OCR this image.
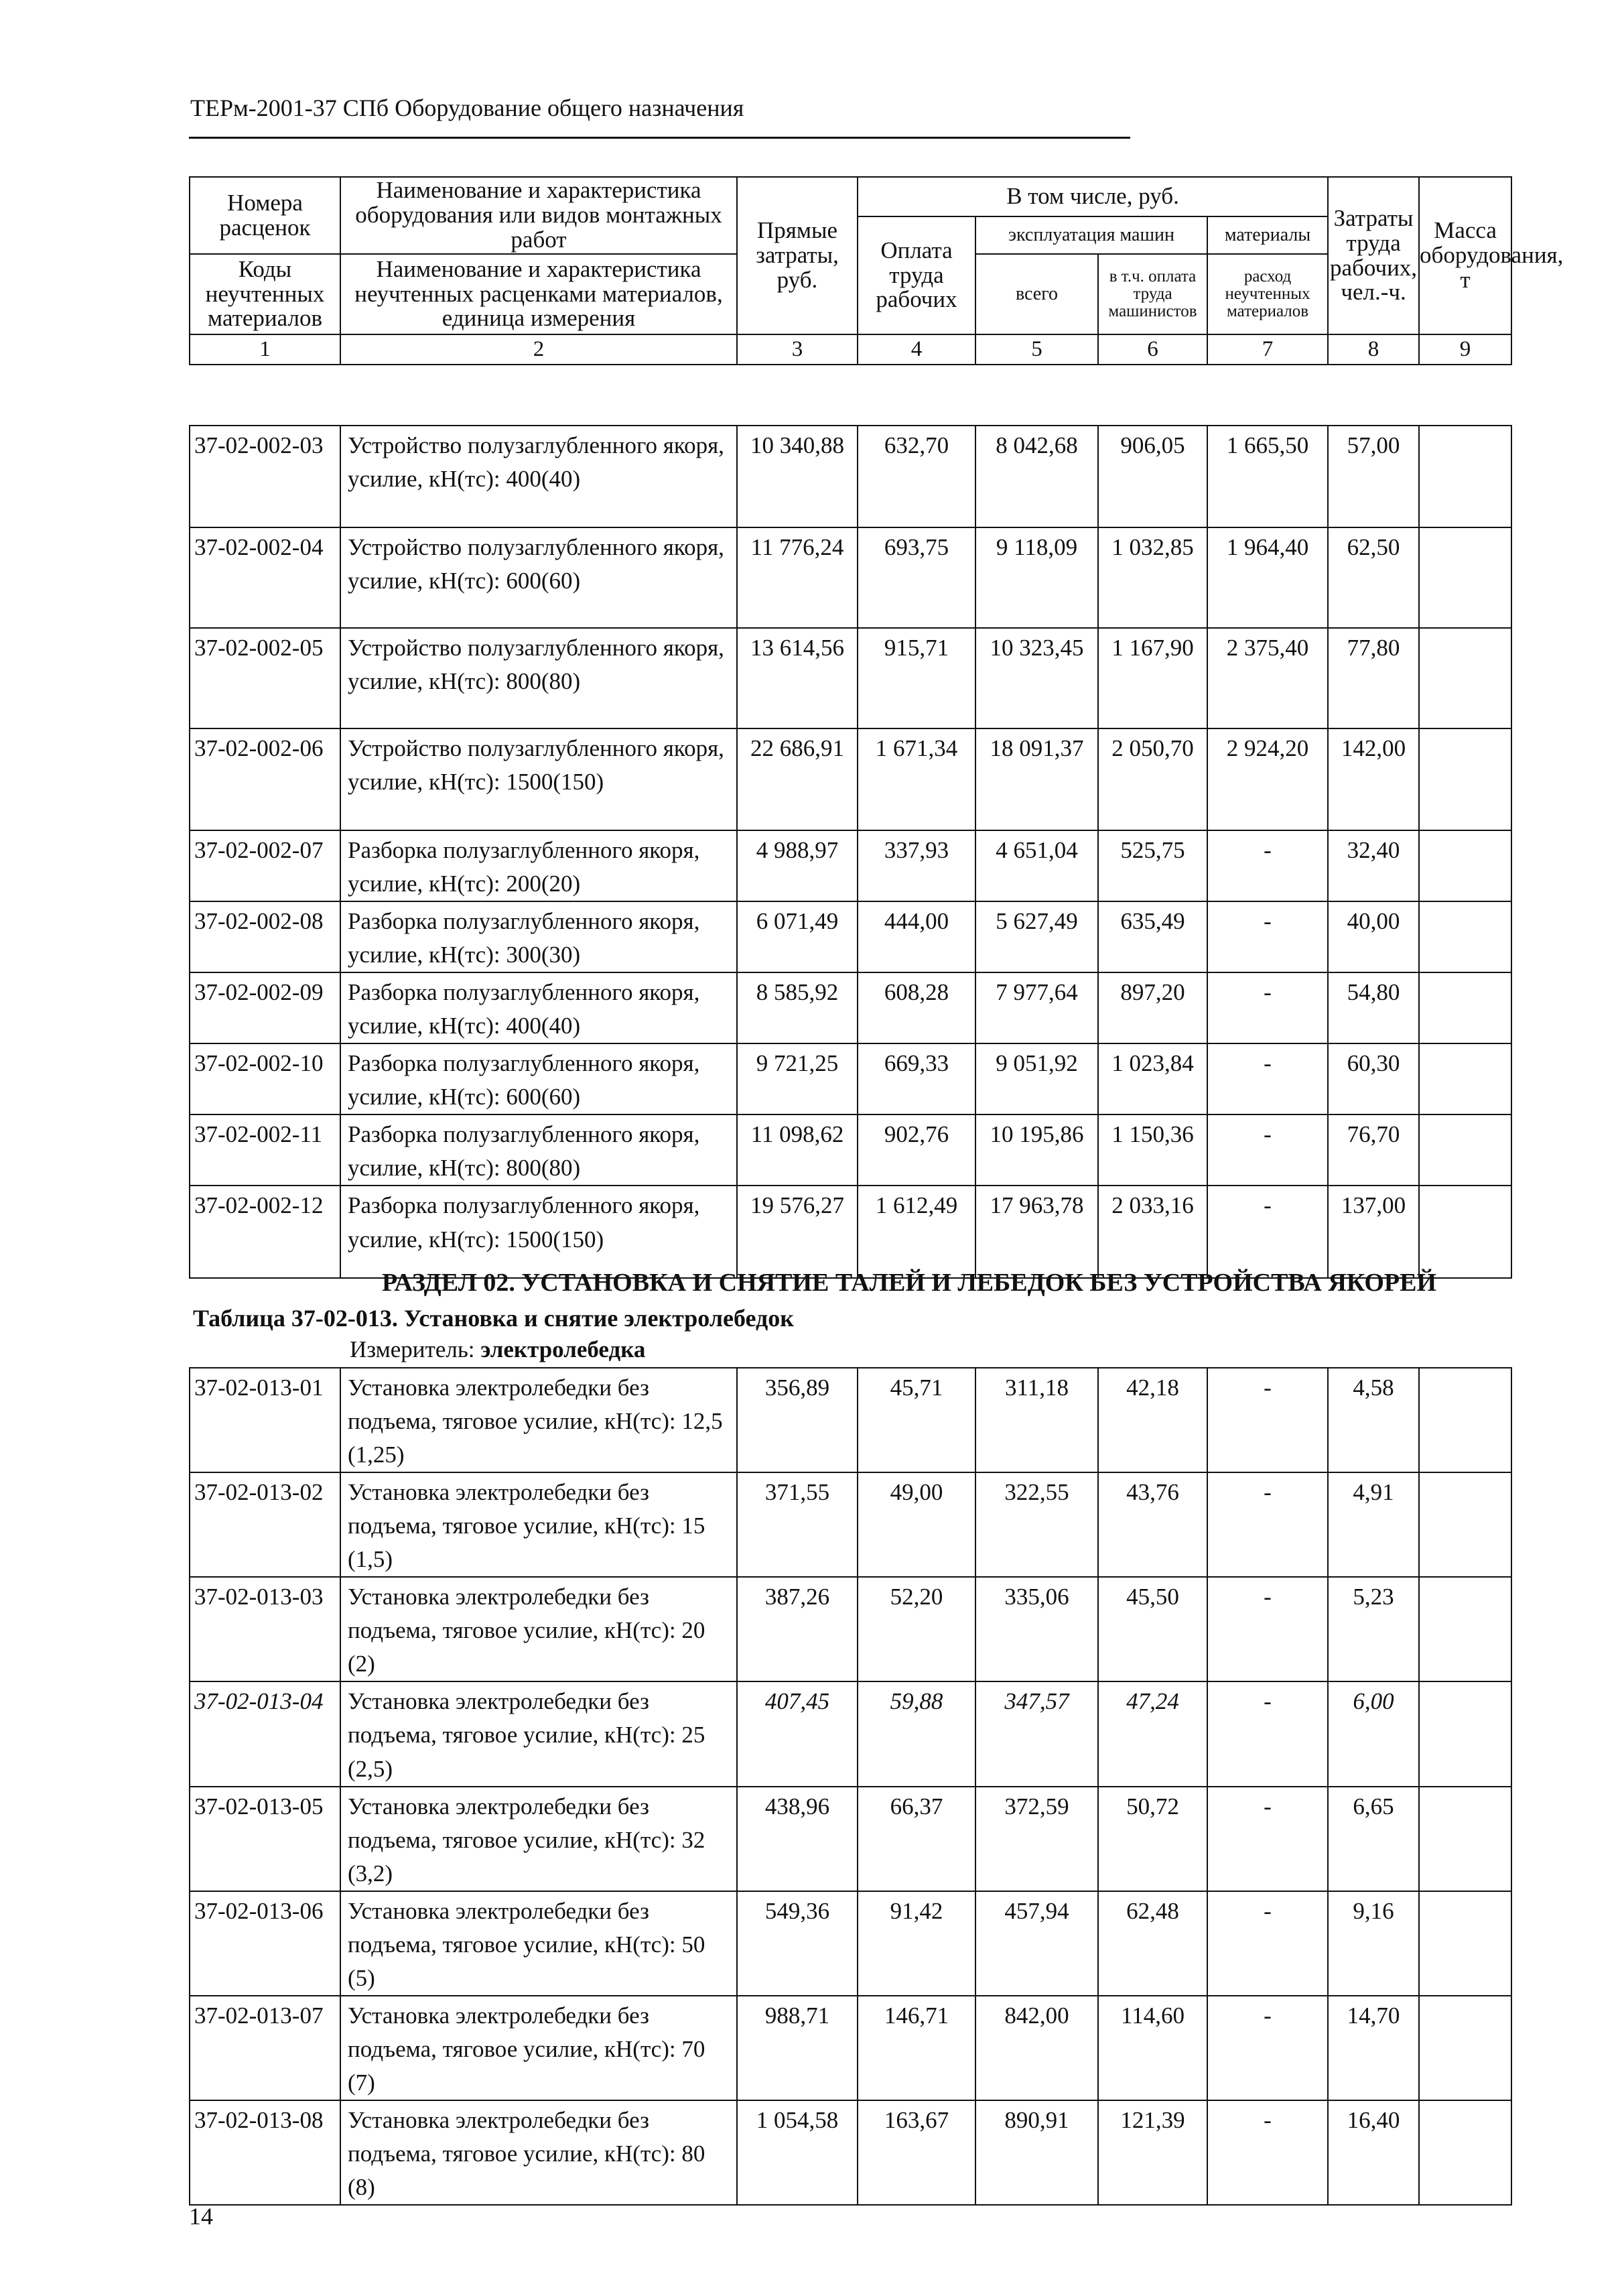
ТЕРм-2001-37 СПб Оборудование общего назначения
Номера расценок	Наименование и характеристика оборудования или видов монтажных работ	Прямые затраты, руб.	В том числе, руб.				Затраты труда рабочих, чел.-ч.	Масса оборудования, т
			Оплата труда рабочих	эксплуатация машин		материалы		
Коды неучтенных материалов	Наименование и характеристика неучтенных расценками материалов, единица измерения			всего	в т.ч. оплата труда машинистов	расход неучтенных материалов		

1	2	3	4	5	6	7	8	9
37-02-002-03	Устройство полузаглубленного якоря, усилие, кН(тс): 400(40)	10 340,88	632,70	8 042,68	906,05	1 665,50	57,00	
37-02-002-04	Устройство полузаглубленного якоря, усилие, кН(тс): 600(60)	11 776,24	693,75	9 118,09	1 032,85	1 964,40	62,50	
37-02-002-05	Устройство полузаглубленного якоря, усилие, кН(тс): 800(80)	13 614,56	915,71	10 323,45	1 167,90	2 375,40	77,80	
37-02-002-06	Устройство полузаглубленного якоря, усилие, кН(тс): 1500(150)	22 686,91	1 671,34	18 091,37	2 050,70	2 924,20	142,00	
37-02-002-07	Разборка полузаглубленного якоря, усилие, кН(тс): 200(20)	4 988,97	337,93	4 651,04	525,75	-	32,40	
37-02-002-08	Разборка полузаглубленного якоря, усилие, кН(тс): 300(30)	6 071,49	444,00	5 627,49	635,49	-	40,00	
37-02-002-09	Разборка полузаглубленного якоря, усилие, кН(тс): 400(40)	8 585,92	608,28	7 977,64	897,20	-	54,80	
37-02-002-10	Разборка полузаглубленного якоря, усилие, кН(тс): 600(60)	9 721,25	669,33	9 051,92	1 023,84	-	60,30	
37-02-002-11	Разборка полузаглубленного якоря, усилие, кН(тс): 800(80)	11 098,62	902,76	10 195,86	1 150,36	-	76,70	
37-02-002-12	Разборка полузаглубленного якоря, усилие, кН(тс): 1500(150)	19 576,27	1 612,49	17 963,78	2 033,16	-	137,00	
РАЗДЕЛ 02. УСТАНОВКА И СНЯТИЕ ТАЛЕЙ И ЛЕБЕДОК БЕЗ УСТРОЙСТВА ЯКОРЕЙ
Таблица 37-02-013. Установка и снятие электролебедок
Измеритель: электролебедка
37-02-013-01	Установка электролебедки без подъема, тяговое усилие, кН(тс): 12,5 (1,25)	356,89	45,71	311,18	42,18	-	4,58	
37-02-013-02	Установка электролебедки без подъема, тяговое усилие, кН(тс): 15 (1,5)	371,55	49,00	322,55	43,76	-	4,91	
37-02-013-03	Установка электролебедки без подъема, тяговое усилие, кН(тс): 20 (2)	387,26	52,20	335,06	45,50	-	5,23	
37-02-013-04	Установка электролебедки без подъема, тяговое усилие, кН(тс): 25 (2,5)	407,45	59,88	347,57	47,24	-	6,00	
37-02-013-05	Установка электролебедки без подъема, тяговое усилие, кН(тс): 32 (3,2)	438,96	66,37	372,59	50,72	-	6,65	
37-02-013-06	Установка электролебедки без подъема, тяговое усилие, кН(тс): 50 (5)	549,36	91,42	457,94	62,48	-	9,16	
37-02-013-07	Установка электролебедки без подъема, тяговое усилие, кН(тс): 70 (7)	988,71	146,71	842,00	114,60	-	14,70	
37-02-013-08	Установка электролебедки без подъема, тяговое усилие, кН(тс): 80 (8)	1 054,58	163,67	890,91	121,39	-	16,40	
14
